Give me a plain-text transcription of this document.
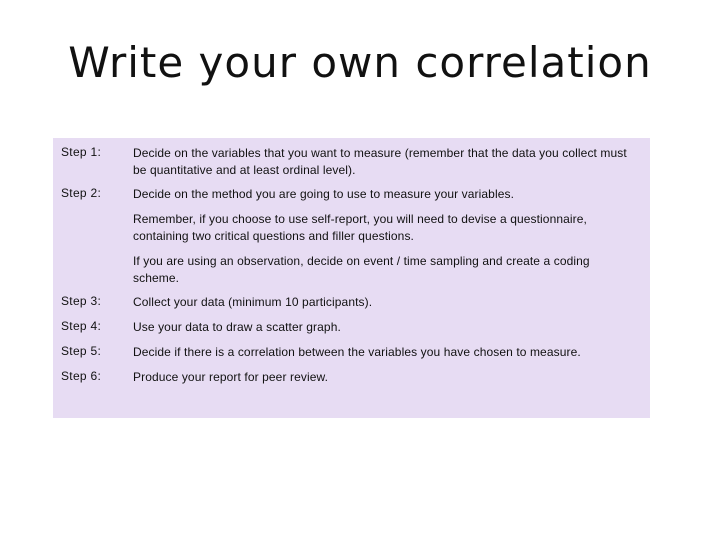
Write your own correlation
Step 1:	Decide on the variables that you want to measure (remember that the data you collect must be quantitative and at least ordinal level).

Step 2:	Decide on the method you are going to use to measure your variables.

Remember, if you choose to use self-report, you will need to devise a questionnaire, containing two critical questions and filler questions.

If you are using an observation, decide on event / time sampling and create a coding scheme.

Step 3:	Collect your data (minimum 10 participants).

Step 4:	Use your data to draw a scatter graph.

Step 5:	Decide if there is a correlation between the variables you have chosen to measure.

Step 6:	Produce your report for peer review.
